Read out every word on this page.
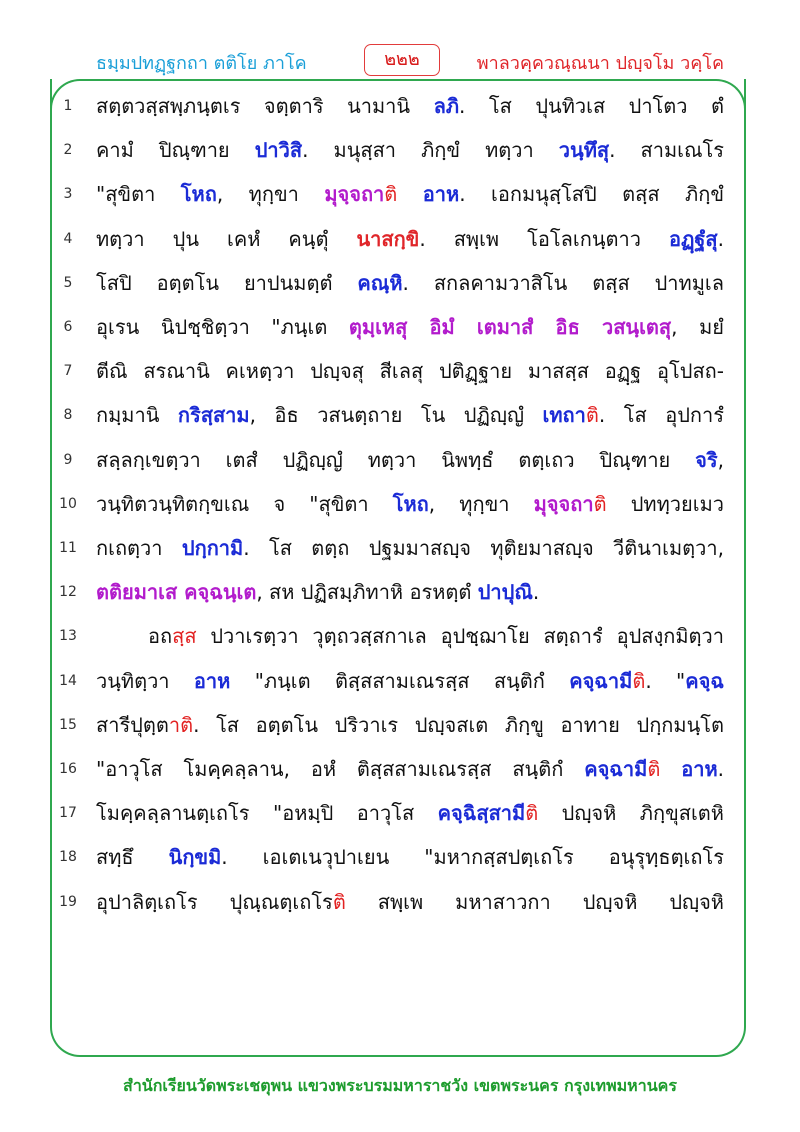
ธมฺมปทฏฺฐกถา ตติโย ภาโค	๒๒๒	พาลวคฺควณฺณนา ปญฺจโม วคฺโค
1	สตฺตวสฺสพฺภนฺตเร จตฺตาริ นามานิ ลภิ. โส ปุนทิวเส ปาโตว ตํ
2	คามํ ปิณฺฑาย ปาวิสิ. มนุสฺสา ภิกฺขํ ทตฺวา วนฺทึสุ. สามเณโร
3	"สุขิตา โหถ, ทุกฺขา มุจฺจถาติ อาห. เอกมนุสฺโสปิ ตสฺส ภิกฺขํ
4	ทตฺวา ปุน เคหํ คนฺตุํ นาสกฺขิ. สพฺเพ โอโลเกนฺตาว อฏฺฐํสุ.
5	โสปิ อตฺตโน ยาปนมตฺตํ คณฺหิ. สกลคามวาสิโน ตสฺส ปาทมูเล
6	อุเรน นิปชฺชิตฺวา "ภนฺเต ตุมฺเหสุ อิมํ เตมาสํ อิธ วสนฺเตสุ, มยํ
7	ตีณิ สรณานิ คเหตฺวา ปญฺจสุ สีเลสุ ปติฏฺฐาย มาสสฺส อฏฺฐ อุโปสถ-
8	กมฺมานิ กริสฺสาม, อิธ วสนตฺถาย โน ปฏิญฺญํ เทถาติ. โส อุปการํ
9	สลฺลกฺเขตฺวา เตสํ ปฏิญฺญํ ทตฺวา นิพทฺธํ ตตฺเถว ปิณฺฑาย จริ,
10 วนฺทิตวนฺทิตกฺขเณ จ "สุขิตา โหถ, ทุกฺขา มุจฺจถาติ ปททฺวยเมว
11 กเถตฺวา ปกฺกามิ. โส ตตฺถ ปฐมมาสญฺจ ทุติยมาสญฺจ วีตินาเมตฺวา,
12 ตติยมาเส คจฺฉนฺเต, สห ปฏิสมฺภิทาหิ อรหตฺตํ ปาปุณิ.
13	อถสฺส ปวาเรตฺวา วุตฺถวสฺสกาเล อุปชฺฌาโย สตฺถารํ อุปสงฺกมิตฺวา
14 วนฺทิตฺวา อาห "ภนฺเต ติสฺสสามเณรสฺส สนฺติกํ คจฺฉามีติ. "คจฺฉ
15 สารีปุตฺตาติ. โส อตฺตโน ปริวาเร ปญฺจสเต ภิกฺขู อาทาย ปกฺกมนฺโต
16 "อาวุโส โมคฺคลฺลาน, อหํ ติสฺสสามเณรสฺส สนฺติกํ คจฺฉามีติ อาห.
17 โมคฺคลฺลานตฺเถโร "อหมฺปิ อาวุโส คจฺฉิสฺสามีติ ปญฺจหิ ภิกฺขุสเตหิ
18 สทฺธึ นิกฺขมิ. เอเตเนวุปาเยน "มหากสฺสปตฺเถโร อนุรุทฺธตฺเถโร
19 อุปาลิตฺเถโร ปุณฺณตฺเถโรติ สพฺเพ มหาสาวกา ปญฺจหิ ปญฺจหิ
สำนักเรียนวัดพระเชตุพน แขวงพระบรมมหาราชวัง เขตพระนคร กรุงเทพมหานคร
